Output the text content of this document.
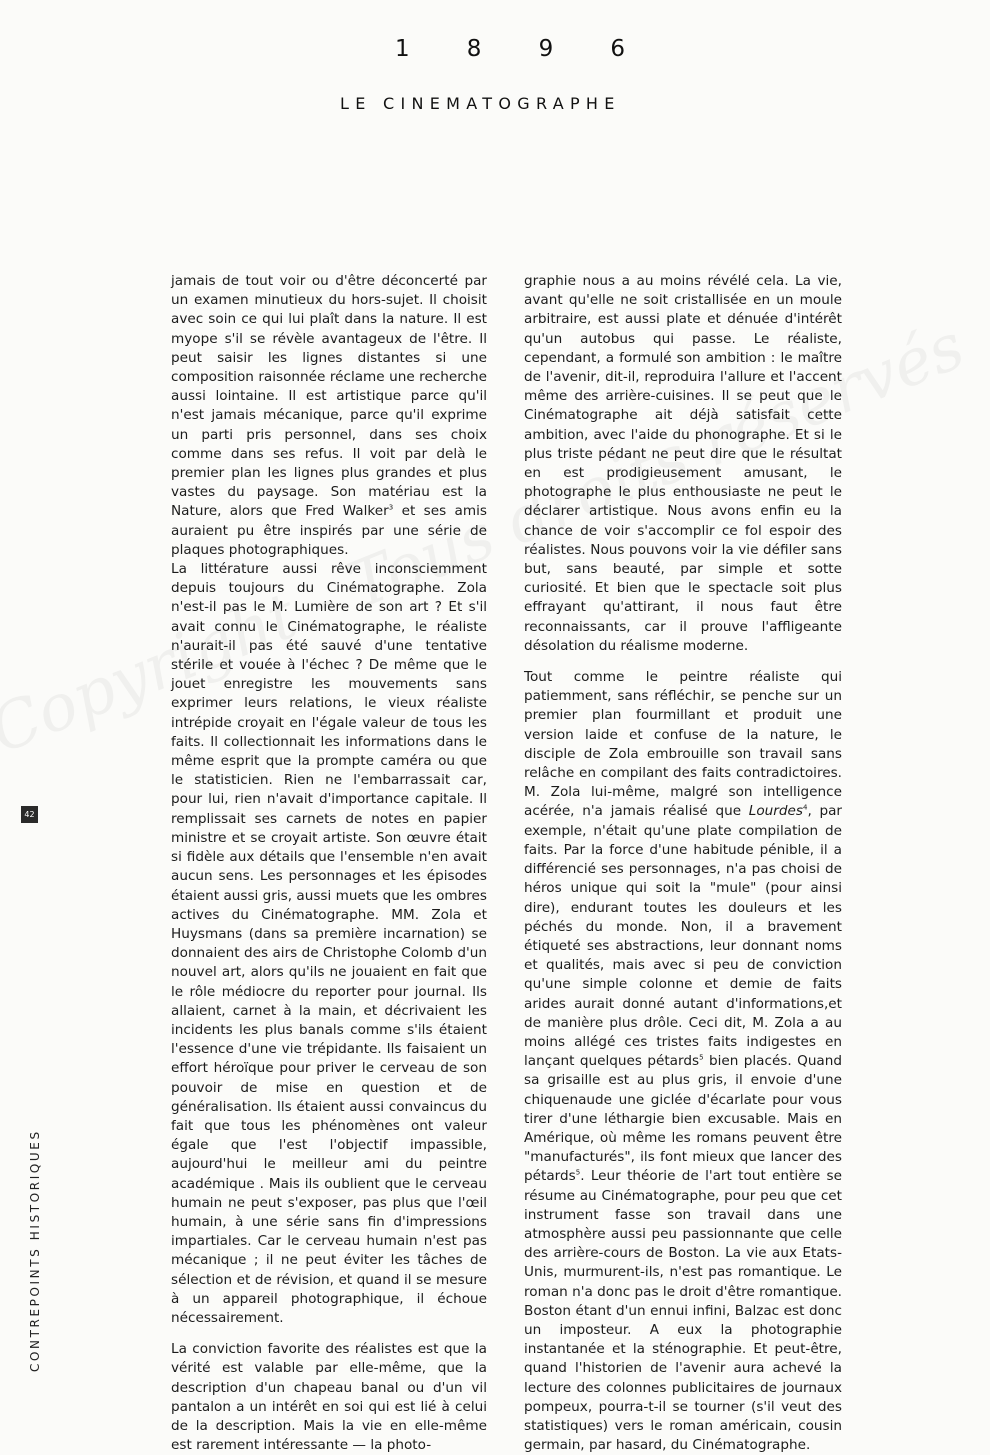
1 8 9 6
LE CINEMATOGRAPHE

jamais de tout voir ou d'être déconcerté par un examen minutieux du hors-sujet. Il choisit avec soin ce qui lui plaît dans la nature. Il est myope s'il se révèle avantageux de l'être. Il peut saisir les lignes distantes si une composition raisonnée réclame une recherche aussi lointaine. Il est artistique parce qu'il n'est jamais mécanique, parce qu'il exprime un parti pris personnel, dans ses choix comme dans ses refus. Il voit par delà le premier plan les lignes plus grandes et plus vastes du paysage. Son matériau est la Nature, alors que Fred Walker$^3$ et ses amis auraient pu être inspirés par une série de plaques photographiques.

La littérature aussi rêve inconsciemment depuis toujours du Cinématographe. Zola n'est-il pas le M. Lumière de son art ? Et s'il avait connu le Cinématographe, le réaliste n'aurait-il pas été sauvé d'une tentative stérile et vouée à l'échec ? De même que le jouet enregistre les mouvements sans exprimer leurs relations, le vieux réaliste intrépide croyait en l'égale valeur de tous les faits. Il collectionnait les informations dans le même esprit que la prompte caméra ou que le statisticien. Rien ne l'embarrassait car, pour lui, rien n'avait d'importance capitale. Il remplissait ses carnets de notes en papier ministre et se croyait artiste. Son œuvre était si fidèle aux détails que l'ensemble n'en avait aucun sens. Les personnages et les épisodes étaient aussi gris, aussi muets que les ombres actives du Cinématographe. MM. Zola et Huysmans (dans sa première incarnation) se donnaient des airs de Christophe Colomb d'un nouvel art, alors qu'ils ne jouaient en fait que le rôle médiocre du reporter pour journal. Ils allaient, carnet à la main, et décrivaient les incidents les plus banals comme s'ils étaient l'essence d'une vie trépidante. Ils faisaient un effort héroïque pour priver le cerveau de son pouvoir de mise en question et de généralisation. Ils étaient aussi convaincus du fait que tous les phénomènes ont valeur égale que l'est l'objectif impassible, aujourd'hui le meilleur ami du peintre académique . Mais ils oublient que le cerveau humain ne peut s'exposer, pas plus que l'œil humain, à une série sans fin d'impressions impartiales. Car le cerveau humain n'est pas mécanique ; il ne peut éviter les tâches de sélection et de révision, et quand il se mesure à un appareil photographique, il échoue nécessairement.

La conviction favorite des réalistes est que la vérité est valable par elle-même, que la description d'un chapeau banal ou d'un vil pantalon a un intérêt en soi qui est lié à celui de la description. Mais la vie en elle-même est rarement intéressante — la photo-

graphie nous a au moins révélé cela. La vie, avant qu'elle ne soit cristallisée en un moule arbitraire, est aussi plate et dénuée d'intérêt qu'un autobus qui passe. Le réaliste, cependant, a formulé son ambition : le maître de l'avenir, dit-il, reproduira l'allure et l'accent même des arrière-cuisines. Il se peut que le Cinématographe ait déjà satisfait cette ambition, avec l'aide du phonographe. Et si le plus triste pédant ne peut dire que le résultat en est prodigieusement amusant, le photographe le plus enthousiaste ne peut le déclarer artistique. Nous avons enfin eu la chance de voir s'accomplir ce fol espoir des réalistes. Nous pouvons voir la vie défiler sans but, sans beauté, par simple et sotte curiosité. Et bien que le spectacle soit plus effrayant qu'attirant, il nous faut être reconnaissants, car il prouve l'affligeante désolation du réalisme moderne.

Tout comme le peintre réaliste qui patiemment, sans réfléchir, se penche sur un premier plan fourmillant et produit une version laide et confuse de la nature, le disciple de Zola embrouille son travail sans relâche en compilant des faits contradictoires. M. Zola lui-même, malgré son intelligence acérée, n'a jamais réalisé que Lourdes$^4$, par exemple, n'était qu'une plate compilation de faits. Par la force d'une habitude pénible, il a différencié ses personnages, n'a pas choisi de héros unique qui soit la "mule" (pour ainsi dire), endurant toutes les douleurs et les péchés du monde. Non, il a bravement étiqueté ses abstractions, leur donnant noms et qualités, mais avec si peu de conviction qu'une simple colonne et demie de faits arides aurait donné autant d'informations,et de manière plus drôle. Ceci dit, M. Zola a au moins allégé ces tristes faits indigestes en lançant quelques pétards$^5$ bien placés. Quand sa grisaille est au plus gris, il envoie d'une chiquenaude une giclée d'écarlate pour vous tirer d'une léthargie bien excusable. Mais en Amérique, où même les romans peuvent être "manufacturés", ils font mieux que lancer des pétards$^5$. Leur théorie de l'art tout entière se résume au Cinématographe, pour peu que cet instrument fasse son travail dans une atmosphère aussi peu passionnante que celle des arrière-cours de Boston. La vie aux Etats-Unis, murmurent-ils, n'est pas romantique. Le roman n'a donc pas le droit d'être romantique. Boston étant d'un ennui infini, Balzac est donc un imposteur. A eux la photographie instantanée et la sténographie. Et peut-être, quand l'historien de l'avenir aura achevé la lecture des colonnes publicitaires de journaux pompeux, pourra-t-il se tourner (s'il veut des statistiques) vers le roman américain, cousin germain, par hasard, du Cinématographe.

42
CONTREPOINTS HISTORIQUES
